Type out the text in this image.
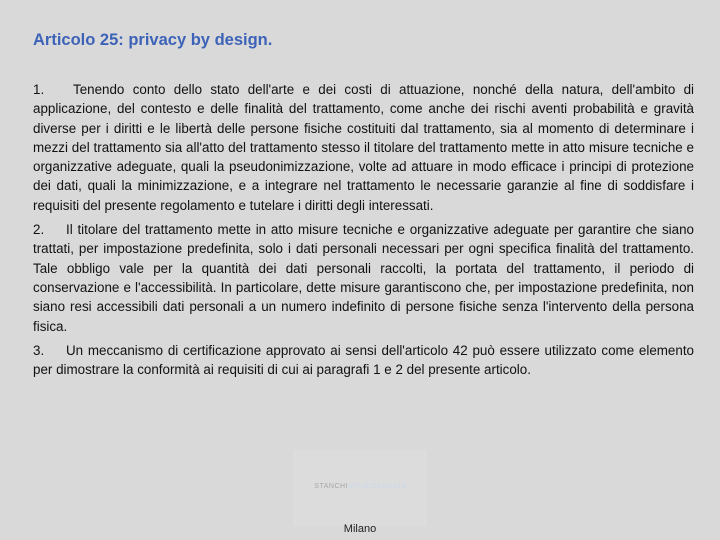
Articolo 25: privacy by design.

1. Tenendo conto dello stato dell'arte e dei costi di attuazione, nonché della natura, dell'ambito di applicazione, del contesto e delle finalità del trattamento, come anche dei rischi aventi probabilità e gravità diverse per i diritti e le libertà delle persone fisiche costituiti dal trattamento, sia al momento di determinare i mezzi del trattamento sia all'atto del trattamento stesso il titolare del trattamento mette in atto misure tecniche e organizzative adeguate, quali la pseudonimizzazione, volte ad attuare in modo efficace i principi di protezione dei dati, quali la minimizzazione, e a integrare nel trattamento le necessarie garanzie al fine di soddisfare i requisiti del presente regolamento e tutelare i diritti degli interessati.

2. Il titolare del trattamento mette in atto misure tecniche e organizzative adeguate per garantire che siano trattati, per impostazione predefinita, solo i dati personali necessari per ogni specifica finalità del trattamento. Tale obbligo vale per la quantità dei dati personali raccolti, la portata del trattamento, il periodo di conservazione e l'accessibilità. In particolare, dette misure garantiscono che, per impostazione predefinita, non siano resi accessibili dati personali a un numero indefinito di persone fisiche senza l'intervento della persona fisica.

3. Un meccanismo di certificazione approvato ai sensi dell'articolo 42 può essere utilizzato come elemento per dimostrare la conformità ai requisiti di cui ai paragrafi 1 e 2 del presente articolo.

STANCHISTUDIOLEGALE
Milano
